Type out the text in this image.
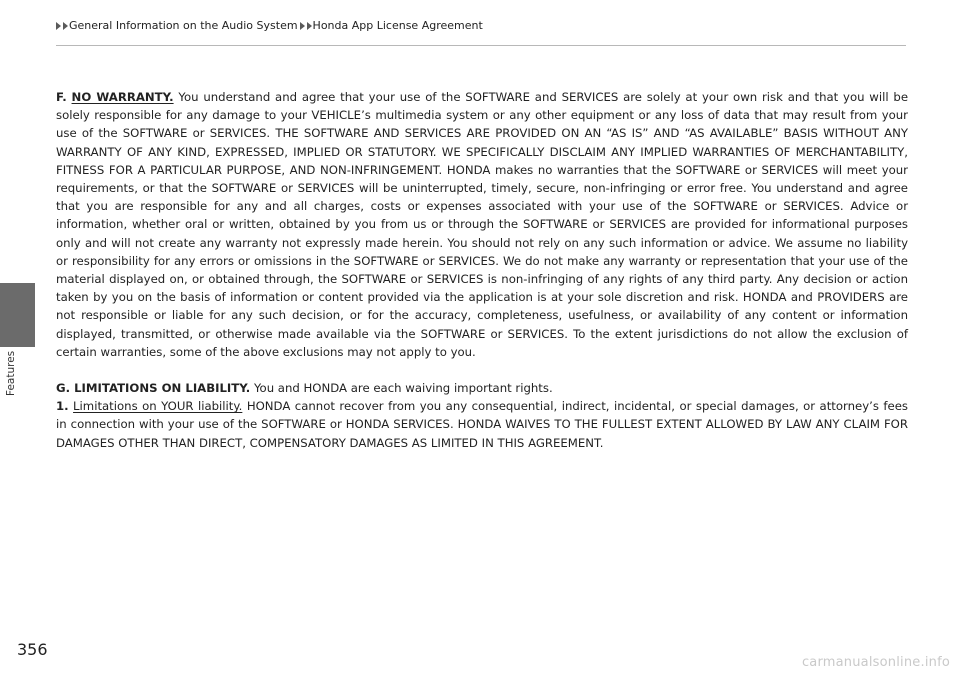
General Information on the Audio System Honda App License Agreement
Features

F. NO WARRANTY. You understand and agree that your use of the SOFTWARE and SERVICES are solely at your own risk and that you will be solely responsible for any damage to your VEHICLE’s multimedia system or any other equipment or any loss of data that may result from your use of the SOFTWARE or SERVICES. THE SOFTWARE AND SERVICES ARE PROVIDED ON AN “AS IS” AND “AS AVAILABLE” BASIS WITHOUT ANY WARRANTY OF ANY KIND, EXPRESSED, IMPLIED OR STATUTORY. WE SPECIFICALLY DISCLAIM ANY IMPLIED WARRANTIES OF MERCHANTABILITY, FITNESS FOR A PARTICULAR PURPOSE, AND NON-INFRINGEMENT. HONDA makes no warranties that the SOFTWARE or SERVICES will meet your requirements, or that the SOFTWARE or SERVICES will be uninterrupted, timely, secure, non-infringing or error free. You understand and agree that you are responsible for any and all charges, costs or expenses associated with your use of the SOFTWARE or SERVICES. Advice or information, whether oral or written, obtained by you from us or through the SOFTWARE or SERVICES are provided for informational purposes only and will not create any warranty not expressly made herein. You should not rely on any such information or advice. We assume no liability or responsibility for any errors or omissions in the SOFTWARE or SERVICES. We do not make any warranty or representation that your use of the material displayed on, or obtained through, the SOFTWARE or SERVICES is non-infringing of any rights of any third party. Any decision or action taken by you on the basis of information or content provided via the application is at your sole discretion and risk. HONDA and PROVIDERS are not responsible or liable for any such decision, or for the accuracy, completeness, usefulness, or availability of any content or information displayed, transmitted, or otherwise made available via the SOFTWARE or SERVICES. To the extent jurisdictions do not allow the exclusion of certain warranties, some of the above exclusions may not apply to you.

G. LIMITATIONS ON LIABILITY. You and HONDA are each waiving important rights.

1. Limitations on YOUR liability. HONDA cannot recover from you any consequential, indirect, incidental, or special damages, or attorney’s fees in connection with your use of the SOFTWARE or HONDA SERVICES. HONDA WAIVES TO THE FULLEST EXTENT ALLOWED BY LAW ANY CLAIM FOR DAMAGES OTHER THAN DIRECT, COMPENSATORY DAMAGES AS LIMITED IN THIS AGREEMENT.

356
carmanualsonline.info
